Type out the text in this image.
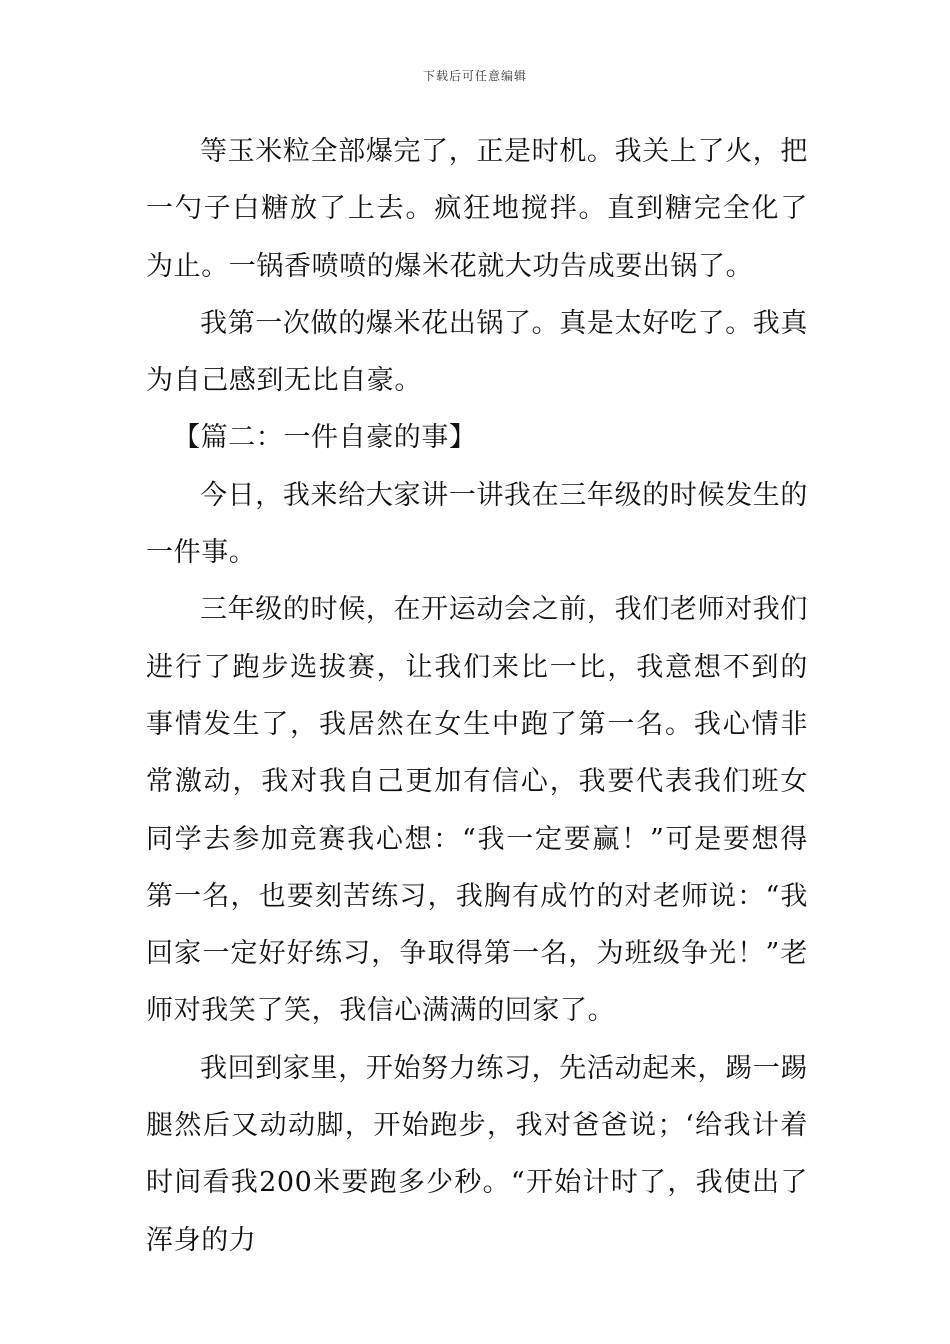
下载后可任意编辑

等玉米粒全部爆完了，正是时机。我关上了火，把一勺子白糖放了上去。疯狂地搅拌。直到糖完全化了为止。一锅香喷喷的爆米花就大功告成要出锅了。

我第一次做的爆米花出锅了。真是太好吃了。我真为自己感到无比自豪。

【篇二：一件自豪的事】

今日，我来给大家讲一讲我在三年级的时候发生的一件事。

三年级的时候，在开运动会之前，我们老师对我们进行了跑步选拔赛，让我们来比一比，我意想不到的事情发生了，我居然在女生中跑了第一名。我心情非常激动，我对我自己更加有信心，我要代表我们班女同学去参加竞赛我心想：“我一定要赢！”可是要想得第一名，也要刻苦练习，我胸有成竹的对老师说：“我回家一定好好练习，争取得第一名，为班级争光！”老师对我笑了笑，我信心满满的回家了。

我回到家里，开始努力练习，先活动起来，踢一踢腿然后又动动脚，开始跑步，我对爸爸说；‘给我计着时间看我200米要跑多少秒。“开始计时了，我使出了浑身的力
